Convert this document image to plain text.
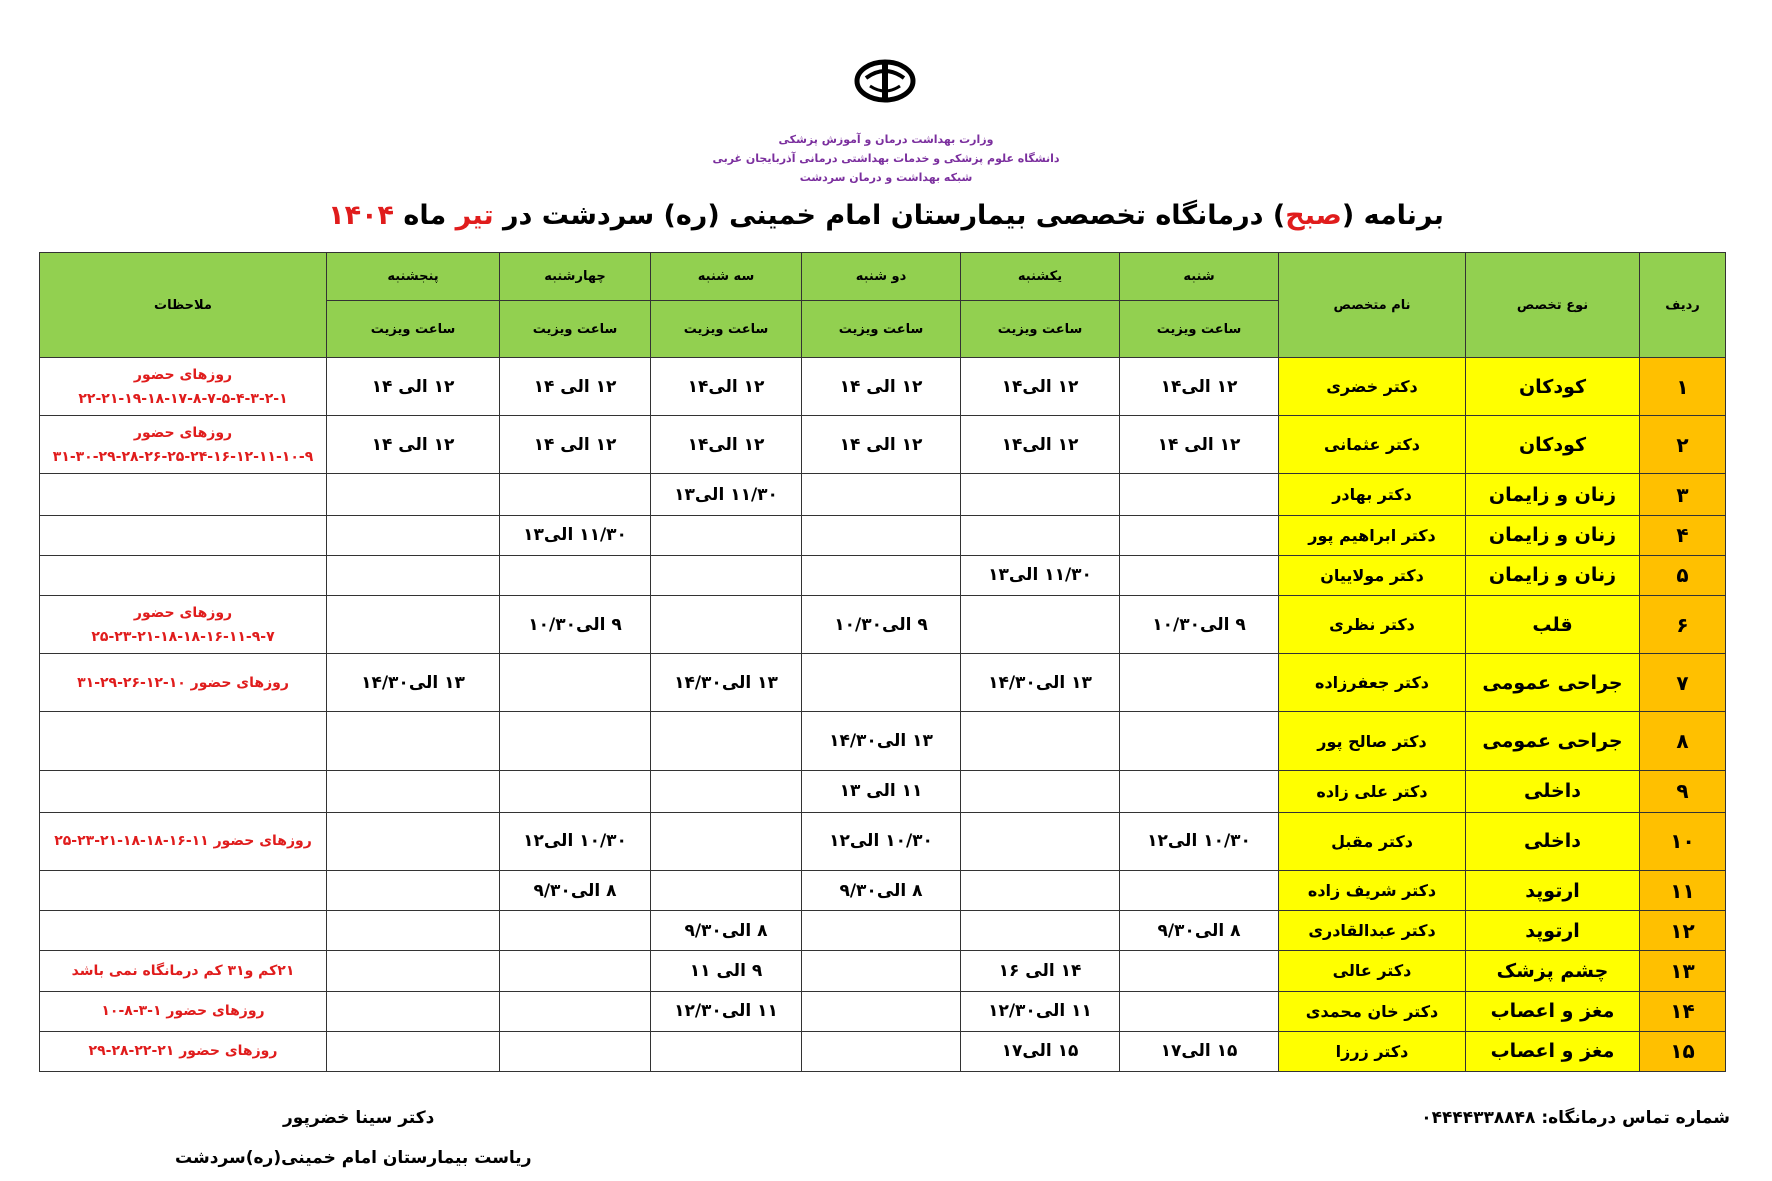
وزارت بهداشت درمان و آموزش پزشکی
دانشگاه علوم پزشکی و خدمات بهداشتی درمانی آذربایجان غربی
شبکه بهداشت و درمان سردشت
برنامه (صبح) درمانگاه تخصصی بیمارستان امام خمینی (ره) سردشت در تیر ماه ۱۴۰۴
ردیف	نوع تخصص	نام متخصص	شنبه	یکشنبه	دو شنبه	سه شنبه	چهارشنبه	پنجشنبه	ملاحظات
			ساعت ویزیت	ساعت ویزیت	ساعت ویزیت	ساعت ویزیت	ساعت ویزیت	ساعت ویزیت	
۱	کودکان	دکتر خضری	۱۲ الی۱۴	۱۲ الی۱۴	۱۲ الی ۱۴	۱۲ الی۱۴	۱۲ الی ۱۴	۱۲ الی ۱۴	روزهای حضور ۱-۲-۳-۴-۵-۷-۸-۱۷-۱۸-۱۹-۲۱-۲۲
۲	کودکان	دکتر عثمانی	۱۲ الی ۱۴	۱۲ الی۱۴	۱۲ الی ۱۴	۱۲ الی۱۴	۱۲ الی ۱۴	۱۲ الی ۱۴	روزهای حضور ۹-۱۰-۱۱-۱۲-۱۶-۲۴-۲۵-۲۶-۲۸-۲۹-۳۰-۳۱
۳	زنان و زایمان	دکتر بهادر				۱۱/۳۰ الی۱۳			
۴	زنان و زایمان	دکتر ابراهیم پور					۱۱/۳۰ الی۱۳		
۵	زنان و زایمان	دکتر مولاییان		۱۱/۳۰ الی۱۳					
۶	قلب	دکتر نظری	۹ الی۱۰/۳۰		۹ الی۱۰/۳۰		۹ الی۱۰/۳۰		روزهای حضور ۷-۹-۱۱-۱۶-۱۸-۱۸-۲۱-۲۳-۲۵
۷	جراحی عمومی	دکتر جعفرزاده		۱۳ الی۱۴/۳۰		۱۳ الی۱۴/۳۰		۱۳ الی۱۴/۳۰	روزهای حضور ۱۰-۱۲-۲۶-۲۹-۳۱
۸	جراحی عمومی	دکتر صالح پور			۱۳ الی۱۴/۳۰				
۹	داخلی	دکتر علی زاده			۱۱ الی ۱۳				
۱۰	داخلی	دکتر مقبل	۱۰/۳۰ الی۱۲		۱۰/۳۰ الی۱۲		۱۰/۳۰ الی۱۲		روزهای حضور ۱۱-۱۶-۱۸-۱۸-۲۱-۲۳-۲۵
۱۱	ارتوپد	دکتر شریف زاده			۸ الی۹/۳۰		۸ الی۹/۳۰		
۱۲	ارتوپد	دکتر عبدالقادری	۸ الی۹/۳۰			۸ الی۹/۳۰			
۱۳	چشم پزشک	دکتر عالی		۱۴ الی ۱۶		۹ الی ۱۱			۲۱کم و۳۱ کم درمانگاه نمی باشد
۱۴	مغز و اعصاب	دکتر خان محمدی		۱۱ الی۱۲/۳۰		۱۱ الی۱۲/۳۰			روزهای حضور ۱-۳-۸-۱۰
۱۵	مغز و اعصاب	دکتر زرزا	۱۵ الی۱۷	۱۵ الی۱۷					روزهای حضور ۲۱-۲۲-۲۸-۲۹
شماره تماس درمانگاه: ۰۴۴۴۴۳۳۸۸۴۸
دکتر سینا خضرپور
ریاست بیمارستان امام خمینی(ره)سردشت
